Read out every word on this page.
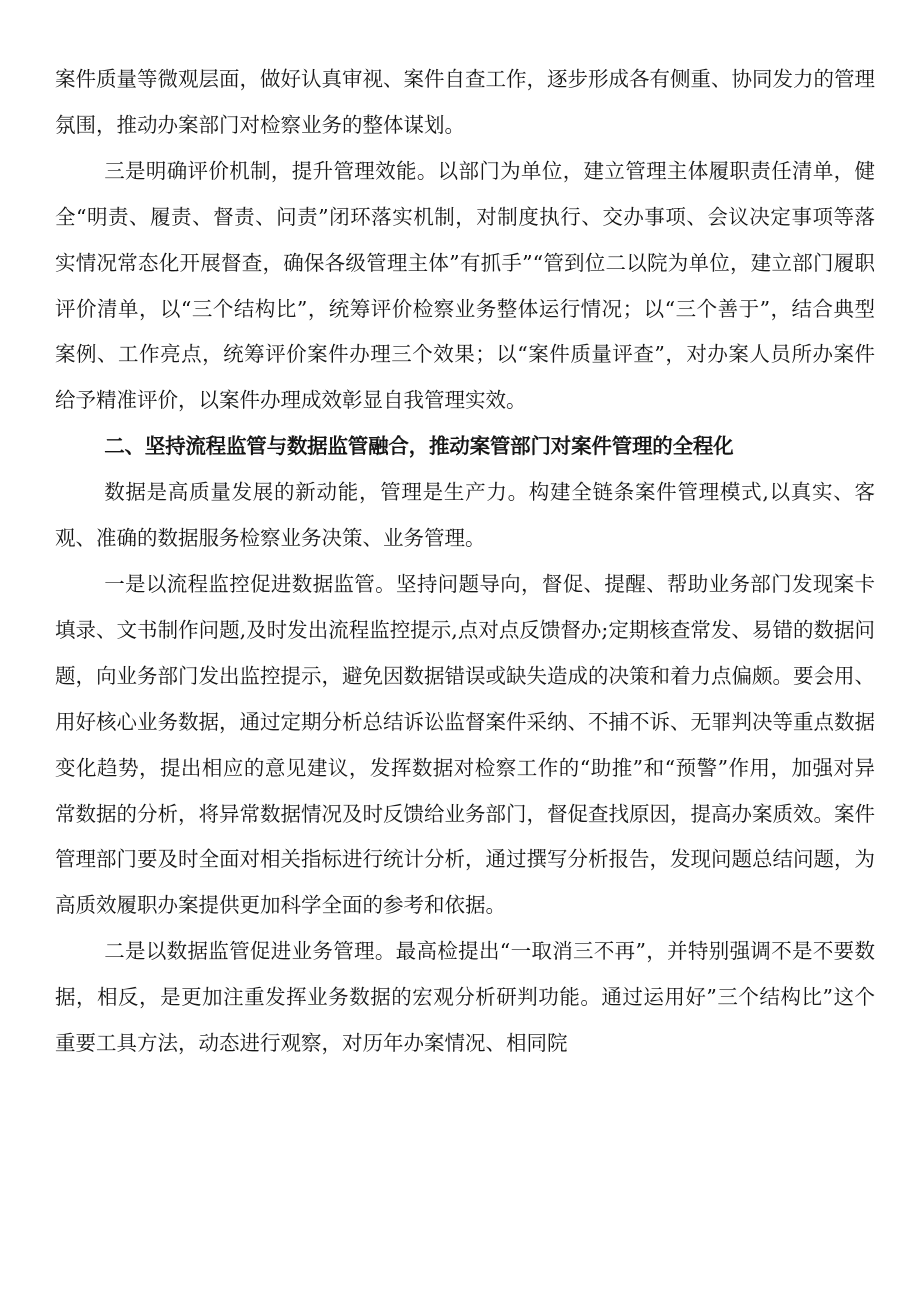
案件质量等微观层面，做好认真审视、案件自查工作，逐步形成各有侧重、协同发力的管理氛围，推动办案部门对检察业务的整体谋划。

三是明确评价机制，提升管理效能。以部门为单位，建立管理主体履职责任清单，健全“明责、履责、督责、问责”闭环落实机制，对制度执行、交办事项、会议决定事项等落实情况常态化开展督查，确保各级管理主体”有抓手”“管到位二以院为单位，建立部门履职评价清单，以“三个结构比”，统筹评价检察业务整体运行情况；以“三个善于”，结合典型案例、工作亮点，统筹评价案件办理三个效果；以“案件质量评查”，对办案人员所办案件给予精准评价，以案件办理成效彰显自我管理实效。

二、坚持流程监管与数据监管融合，推动案管部门对案件管理的全程化

数据是高质量发展的新动能，管理是生产力。构建全链条案件管理模式,以真实、客观、准确的数据服务检察业务决策、业务管理。

一是以流程监控促进数据监管。坚持问题导向，督促、提醒、帮助业务部门发现案卡填录、文书制作问题,及时发出流程监控提示,点对点反馈督办;定期核查常发、易错的数据问题，向业务部门发出监控提示，避免因数据错误或缺失造成的决策和着力点偏颇。要会用、用好核心业务数据，通过定期分析总结诉讼监督案件采纳、不捕不诉、无罪判决等重点数据变化趋势，提出相应的意见建议，发挥数据对检察工作的“助推”和“预警”作用，加强对异常数据的分析，将异常数据情况及时反馈给业务部门，督促查找原因，提高办案质效。案件管理部门要及时全面对相关指标进行统计分析，通过撰写分析报告，发现问题总结问题，为高质效履职办案提供更加科学全面的参考和依据。

二是以数据监管促进业务管理。最高检提出“一取消三不再”，并特别强调不是不要数据，相反，是更加注重发挥业务数据的宏观分析研判功能。通过运用好”三个结构比”这个重要工具方法，动态进行观察，对历年办案情况、相同院
